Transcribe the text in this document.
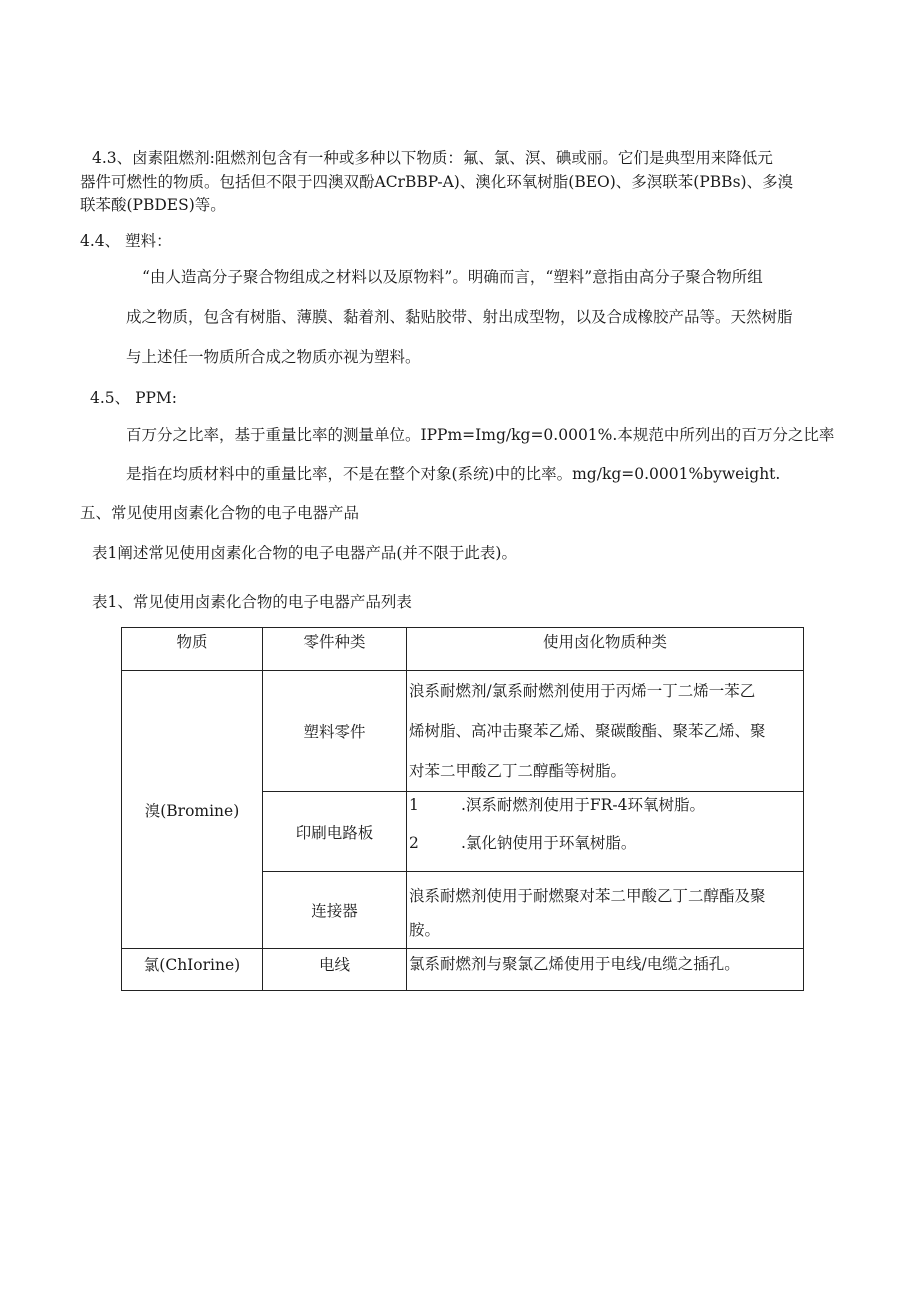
4.3、卤素阻燃剂:阻燃剂包含有一种或多种以下物质：氟、氯、溟、碘或丽。它们是典型用来降低元
器件可燃性的物质。包括但不限于四澳双酚ACrBBP-A)、澳化环氧树脂(BEO)、多溟联苯(PBBs)、多溴
联苯酸(PBDES)等。
4.4、 塑料：
“由人造高分子聚合物组成之材料以及原物料”。明确而言，“塑料”意指由高分子聚合物所组
成之物质，包含有树脂、薄膜、黏着剂、黏贴胶带、射出成型物，以及合成橡胶产品等。天然树脂
与上述任一物质所合成之物质亦视为塑料。
4.5、 PPM:
百万分之比率，基于重量比率的测量单位。IPPm=Img∕kg=0.0001%.本规范中所列出的百万分之比率
是指在均质材料中的重量比率，不是在整个对象(系统)中的比率。mg∕kg=0.0001%byweight.
五、常见使用卤素化合物的电子电器产品
表1阐述常见使用卤素化合物的电子电器产品(并不限于此表)。
表1、常见使用卤素化合物的电子电器产品列表
物质	零件种类	使用卤化物质种类
溴(Bromine)	塑料零件	浪系耐燃剂/氯系耐燃剂使用于丙烯一丁二烯一苯乙
烯树脂、高冲击聚苯乙烯、聚碳酸酯、聚苯乙烯、聚
对苯二甲酸乙丁二醇酯等树脂。

	印刷电路板	1 .溟系耐燃剂使用于FR-4环氧树脂。
2 .氯化钠使用于环氧树脂。

	连接器	浪系耐燃剂使用于耐燃聚对苯二甲酸乙丁二醇酯及聚
胺。

氯(ChIorine)	电线	氯系耐燃剂与聚氯乙烯使用于电线/电缆之插孔。
